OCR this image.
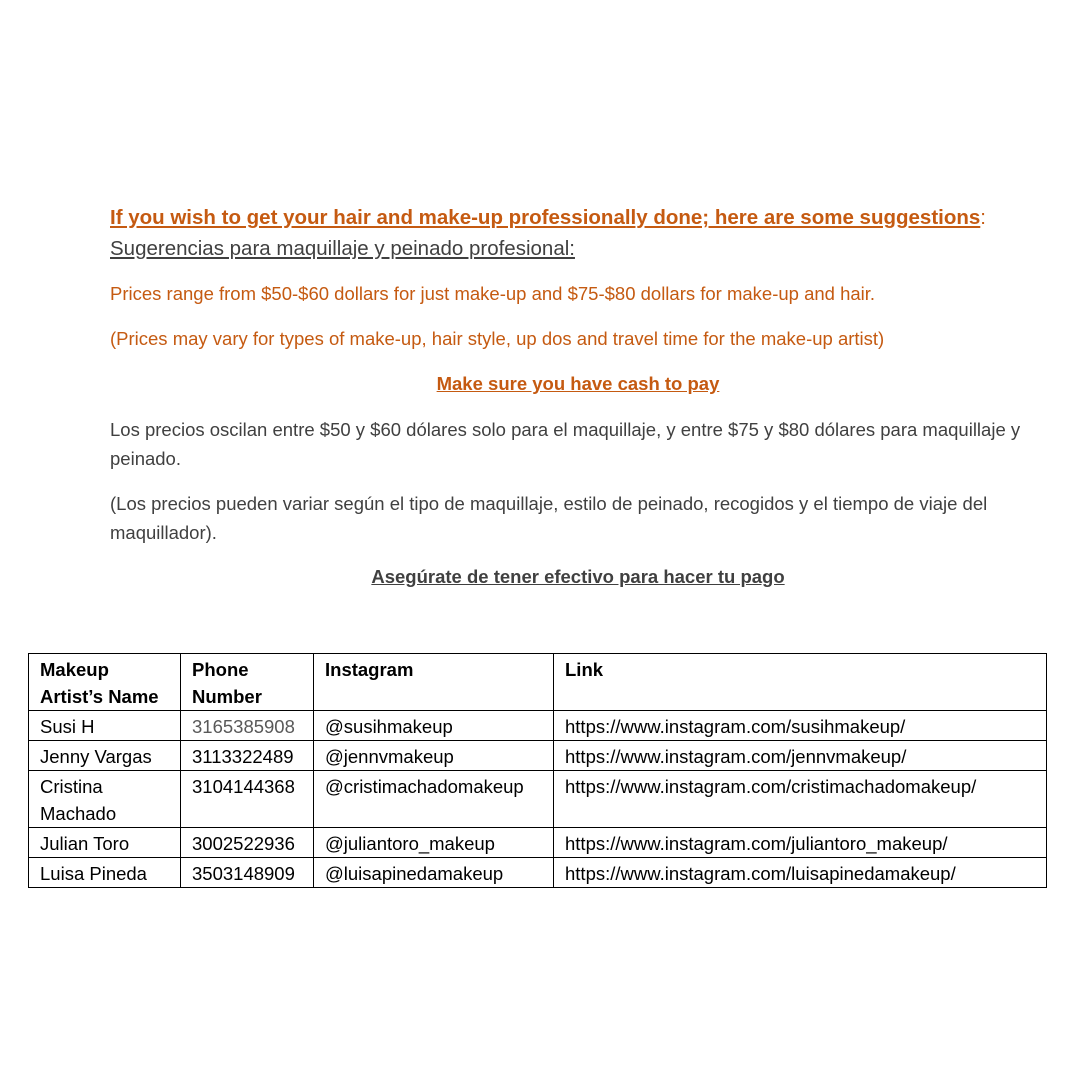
If you wish to get your hair and make-up professionally done; here are some suggestions:
Sugerencias para maquillaje y peinado profesional:
Prices range from $50-$60 dollars for just make-up and $75-$80 dollars for make-up and hair.
(Prices may vary for types of make-up, hair style, up dos and travel time for the make-up artist)
Make sure you have cash to pay
Los precios oscilan entre $50 y $60 dólares solo para el maquillaje, y entre $75 y $80 dólares para maquillaje y peinado.
(Los precios pueden variar según el tipo de maquillaje, estilo de peinado, recogidos y el tiempo de viaje del maquillador).
Asegúrate de tener efectivo para hacer tu pago
Makeup Artist’s Name	Phone Number	Instagram	Link
Susi H	3165385908	@susihmakeup	https://www.instagram.com/susihmakeup/
Jenny Vargas	3113322489	@jennvmakeup	https://www.instagram.com/jennvmakeup/
Cristina Machado	3104144368	@cristimachadomakeup	https://www.instagram.com/cristimachadomakeup/
Julian Toro	3002522936	@juliantoro_makeup	https://www.instagram.com/juliantoro_makeup/
Luisa Pineda	3503148909	@luisapinedamakeup	https://www.instagram.com/luisapinedamakeup/
